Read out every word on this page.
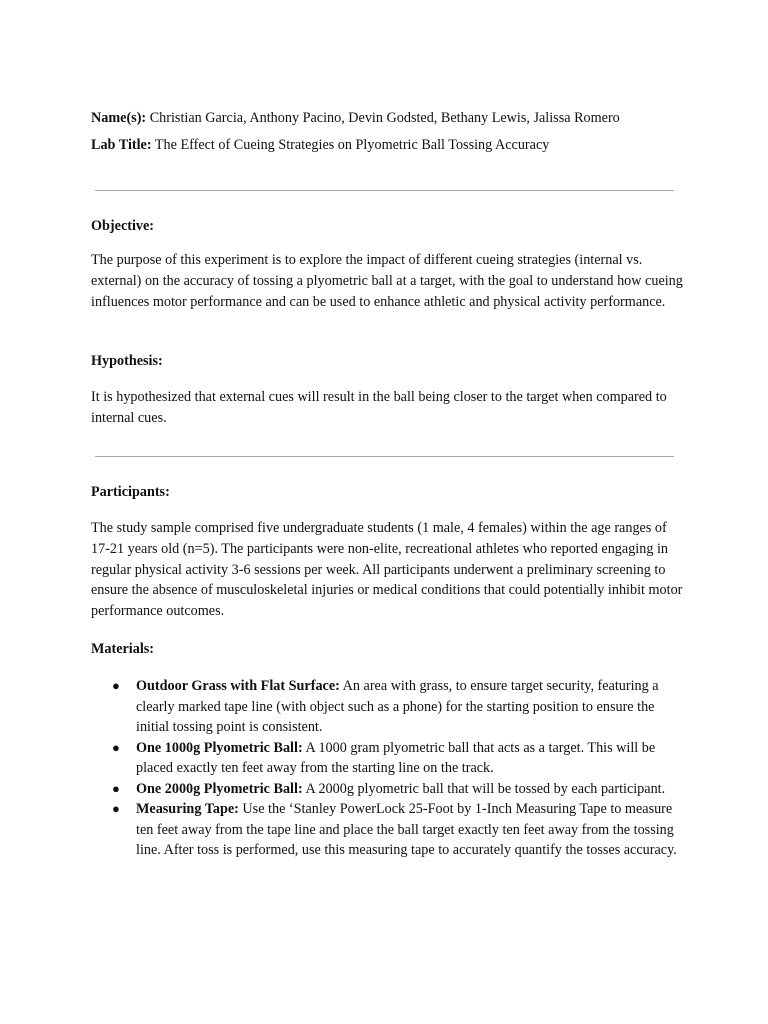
Name(s): Christian Garcia, Anthony Pacino, Devin Godsted, Bethany Lewis, Jalissa Romero

Lab Title: The Effect of Cueing Strategies on Plyometric Ball Tossing Accuracy

Objective:

The purpose of this experiment is to explore the impact of different cueing strategies (internal vs. external) on the accuracy of tossing a plyometric ball at a target, with the goal to understand how cueing influences motor performance and can be used to enhance athletic and physical activity performance.

Hypothesis:

It is hypothesized that external cues will result in the ball being closer to the target when compared to internal cues.

Participants:

The study sample comprised five undergraduate students (1 male, 4 females) within the age ranges of 17-21 years old (n=5). The participants were non-elite, recreational athletes who reported engaging in regular physical activity 3-6 sessions per week. All participants underwent a preliminary screening to ensure the absence of musculoskeletal injuries or medical conditions that could potentially inhibit motor performance outcomes.

Materials:

● Outdoor Grass with Flat Surface: An area with grass, to ensure target security, featuring a clearly marked tape line (with object such as a phone) for the starting position to ensure the initial tossing point is consistent.
● One 1000g Plyometric Ball: A 1000 gram plyometric ball that acts as a target. This will be placed exactly ten feet away from the starting line on the track.
● One 2000g Plyometric Ball: A 2000g plyometric ball that will be tossed by each participant.
● Measuring Tape: Use the ‘Stanley PowerLock 25-Foot by 1-Inch Measuring Tape to measure ten feet away from the tape line and place the ball target exactly ten feet away from the tossing line. After toss is performed, use this measuring tape to accurately quantify the tosses accuracy.
